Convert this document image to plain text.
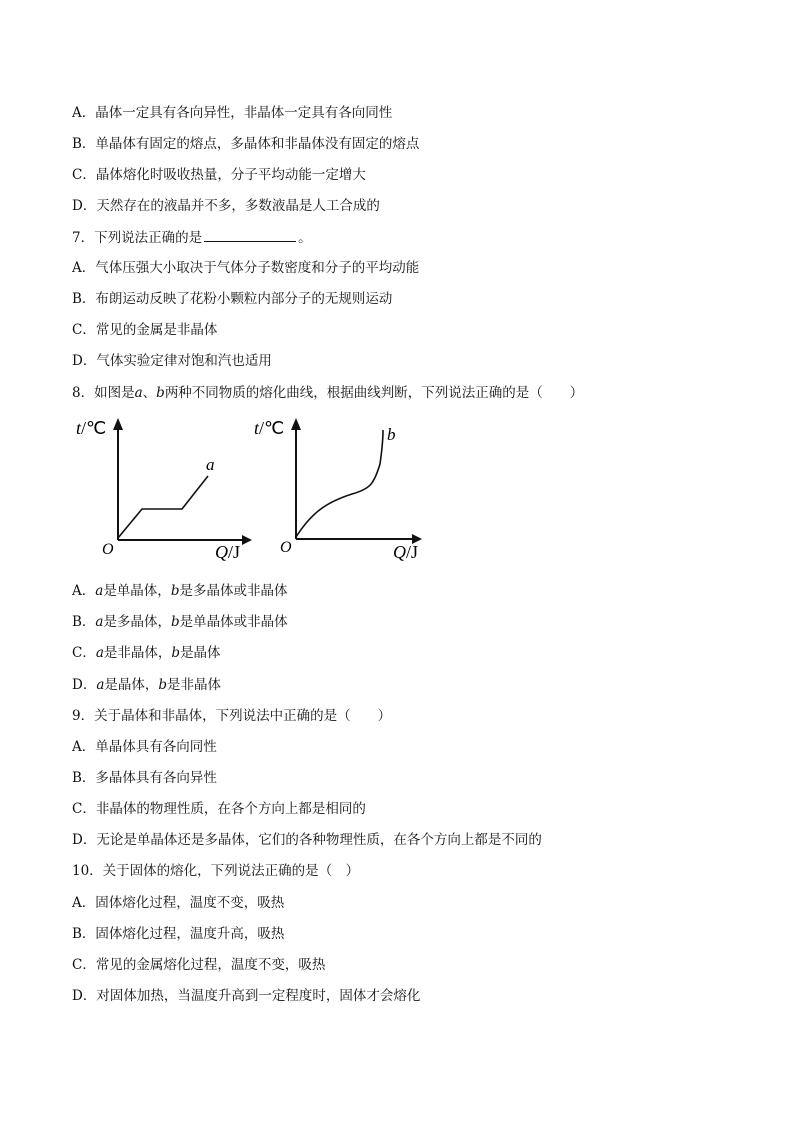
A．晶体一定具有各向异性，非晶体一定具有各向同性
B．单晶体有固定的熔点，多晶体和非晶体没有固定的熔点
C．晶体熔化时吸收热量，分子平均动能一定增大
D．天然存在的液晶并不多，多数液晶是人工合成的
7．下列说法正确的是	。
A．气体压强大小取决于气体分子数密度和分子的平均动能
B．布朗运动反映了花粉小颗粒内部分子的无规则运动
C．常见的金属是非晶体
D．气体实验定律对饱和汽也适用
8．如图是a、b两种不同物质的熔化曲线，根据曲线判断，下列说法正确的是（　　）
t/℃
O	Q/J
a
t/℃
O	Q/J
b
A．a是单晶体，b是多晶体或非晶体
B．a是多晶体，b是单晶体或非晶体
C．a是非晶体，b是晶体
D．a是晶体，b是非晶体
9．关于晶体和非晶体，下列说法中正确的是（　　）
A．单晶体具有各向同性
B．多晶体具有各向异性
C．非晶体的物理性质，在各个方向上都是相同的
D．无论是单晶体还是多晶体，它们的各种物理性质，在各个方向上都是不同的
10．关于固体的熔化，下列说法正确的是（　）
A．固体熔化过程，温度不变，吸热
B．固体熔化过程，温度升高，吸热
C．常见的金属熔化过程，温度不变，吸热
D．对固体加热，当温度升高到一定程度时，固体才会熔化
